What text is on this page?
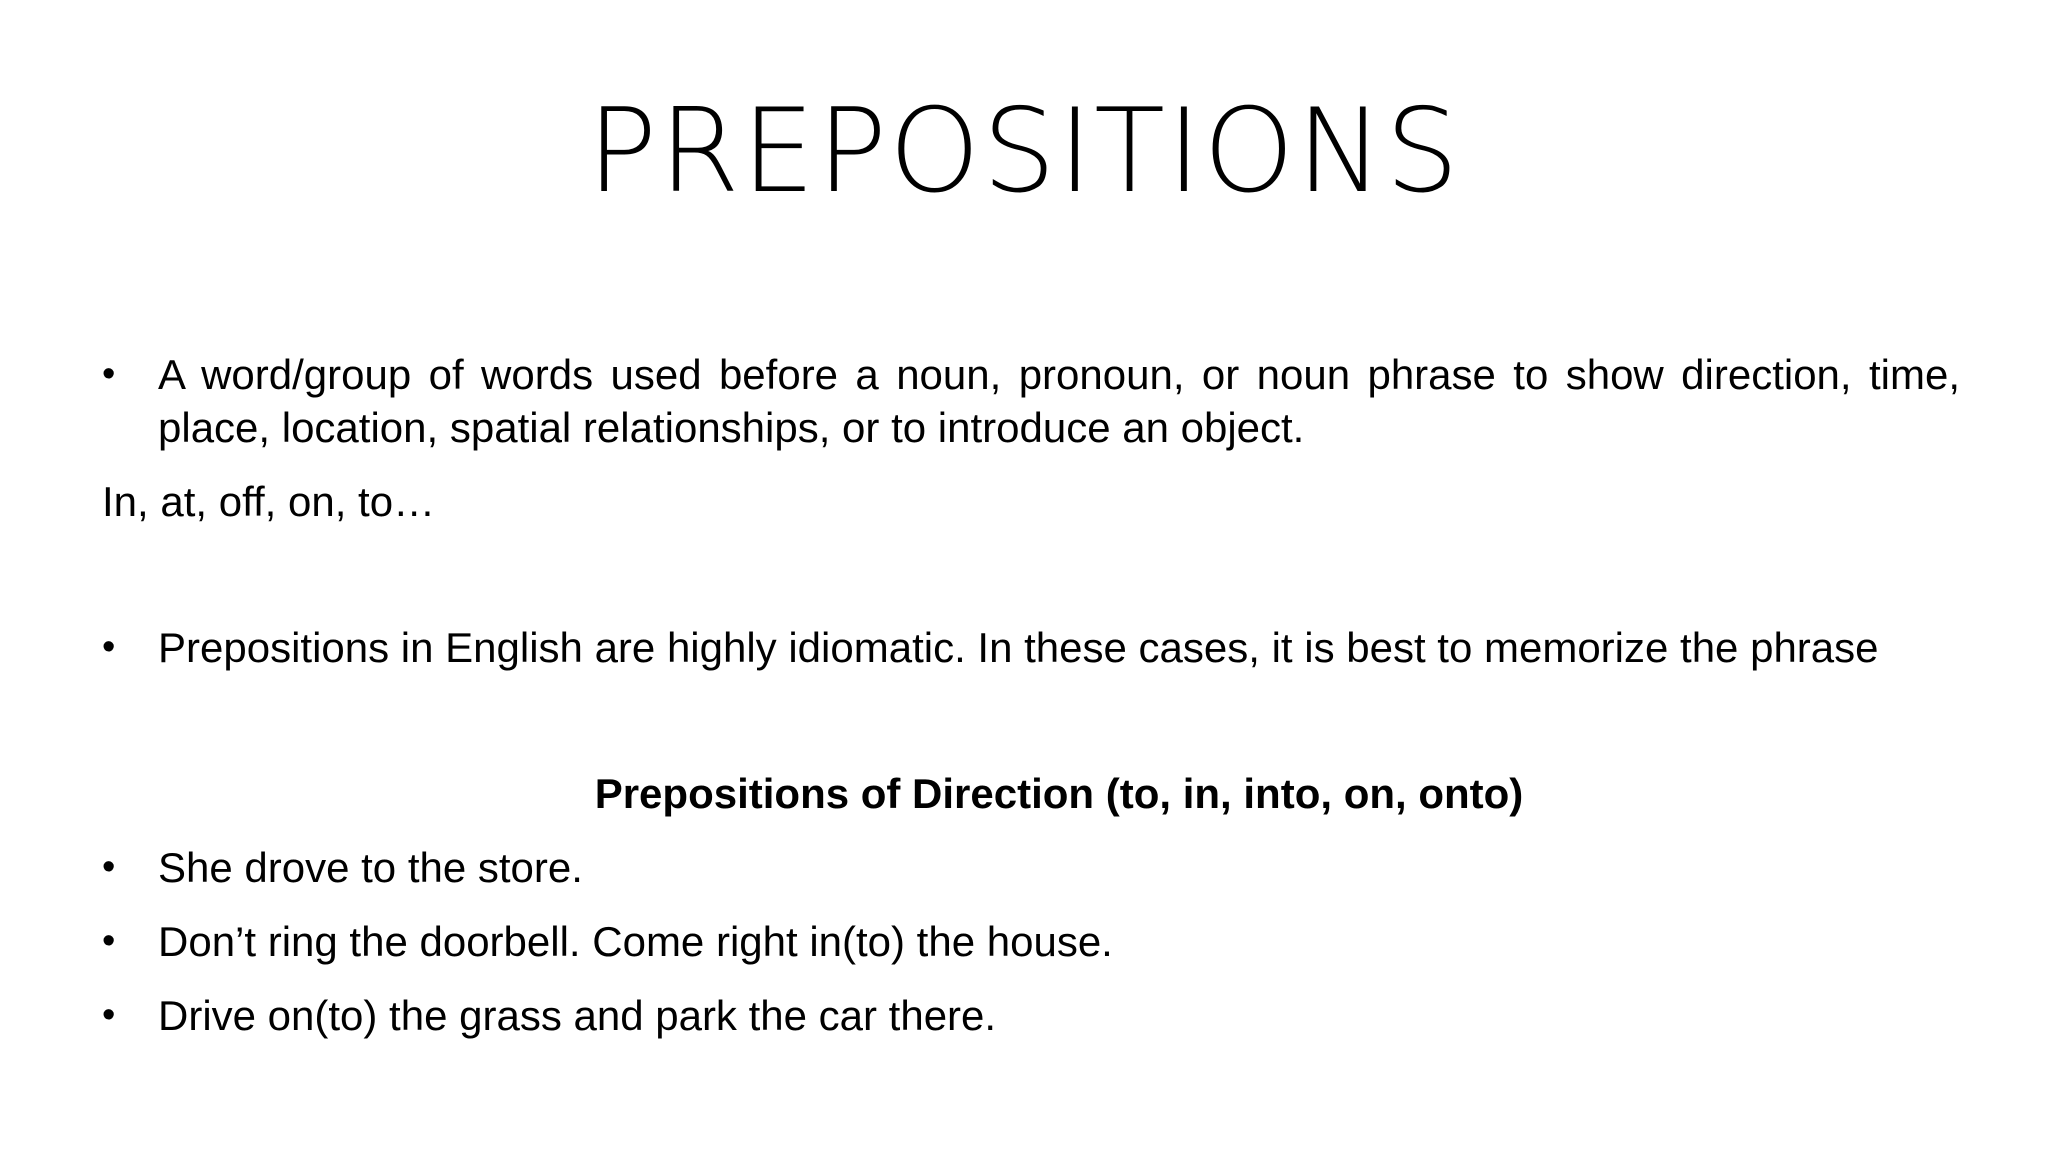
PREPOSITIONS
•	A word/group of words used before a noun, pronoun, or noun phrase to show direction, time, place, location, spatial relationships, or to introduce an object.
In, at, off, on, to…
•	Prepositions in English are highly idiomatic. In these cases, it is best to memorize the phrase
Prepositions of Direction (to, in, into, on, onto)
•	She drove to the store.
•	Don’t ring the doorbell. Come right in(to) the house.
•	Drive on(to) the grass and park the car there.
